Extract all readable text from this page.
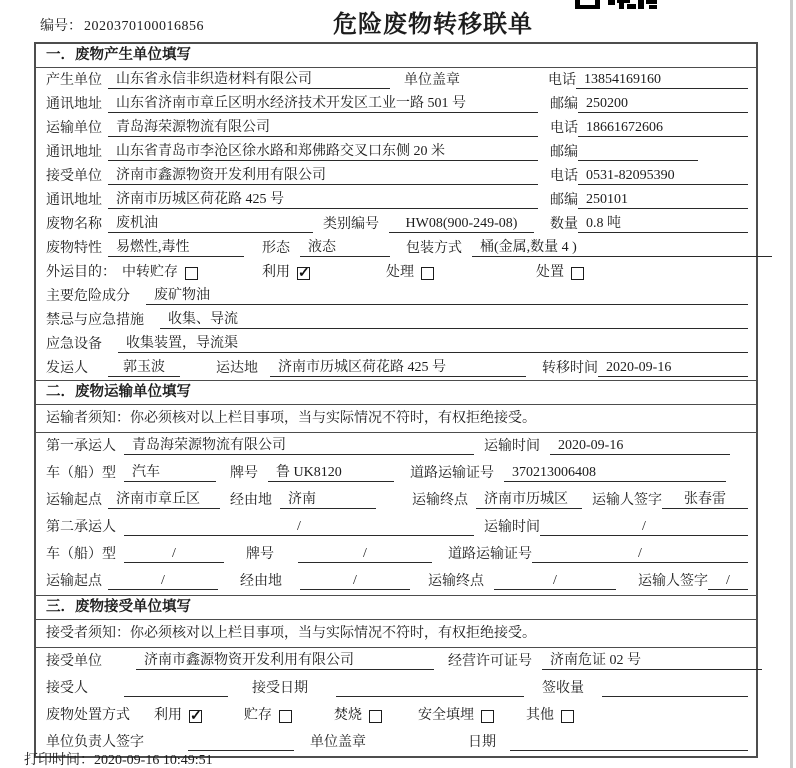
编号： 2020370100016856	危险废物转移联单
一．废物产生单位填写
产生单位	山东省永信非织造材料有限公司	单位盖章	电话 13854169160
通讯地址	山东省济南市章丘区明水经济技术开发区工业一路 501 号	邮编 250200
运输单位	青岛海荣源物流有限公司	电话 18661672606
通讯地址	山东省青岛市李沧区徐水路和郑佛路交叉口东侧 20 米	邮编
接受单位	济南市鑫源物资开发利用有限公司	电话 0531-82095390
通讯地址	济南市历城区荷花路 425 号	邮编 250101
废物名称	废机油	类别编号	HW08(900-249-08)	数量 0.8 吨
废物特性	易燃性,毒性	形态	液态	包装方式	桶(金属,数量 4 )
外运目的： 中转贮存	利用 ✓	处理	处置
主要危险成分	废矿物油
禁忌与应急措施	收集、导流
应急设备	收集装置，导流渠
发运人	郭玉波	运达地	济南市历城区荷花路 425 号	转移时间 2020-09-16
二．废物运输单位填写
运输者须知：你必须核对以上栏目事项，当与实际情况不符时，有权拒绝接受。
第一承运人	青岛海荣源物流有限公司	运输时间	2020-09-16
车（船）型	汽车	牌号	鲁 UK8120	道路运输证号	370213006408
运输起点	济南市章丘区	经由地	济南	运输终点	济南市历城区	运输人签字	张春雷
第二承运人	/	运输时间	/
车（船）型	/	牌号	/	道路运输证号	/
运输起点	/	经由地	/	运输终点	/	运输人签字	/
三．废物接受单位填写
接受者须知：你必须核对以上栏目事项，当与实际情况不符时，有权拒绝接受。
接受单位	济南市鑫源物资开发利用有限公司	经营许可证号	济南危证 02 号
接受人	接受日期	签收量
废物处置方式	利用 ✓	贮存	焚烧	安全填埋	其他
单位负责人签字	单位盖章	日期
打印时间：2020-09-16 10:49:51
